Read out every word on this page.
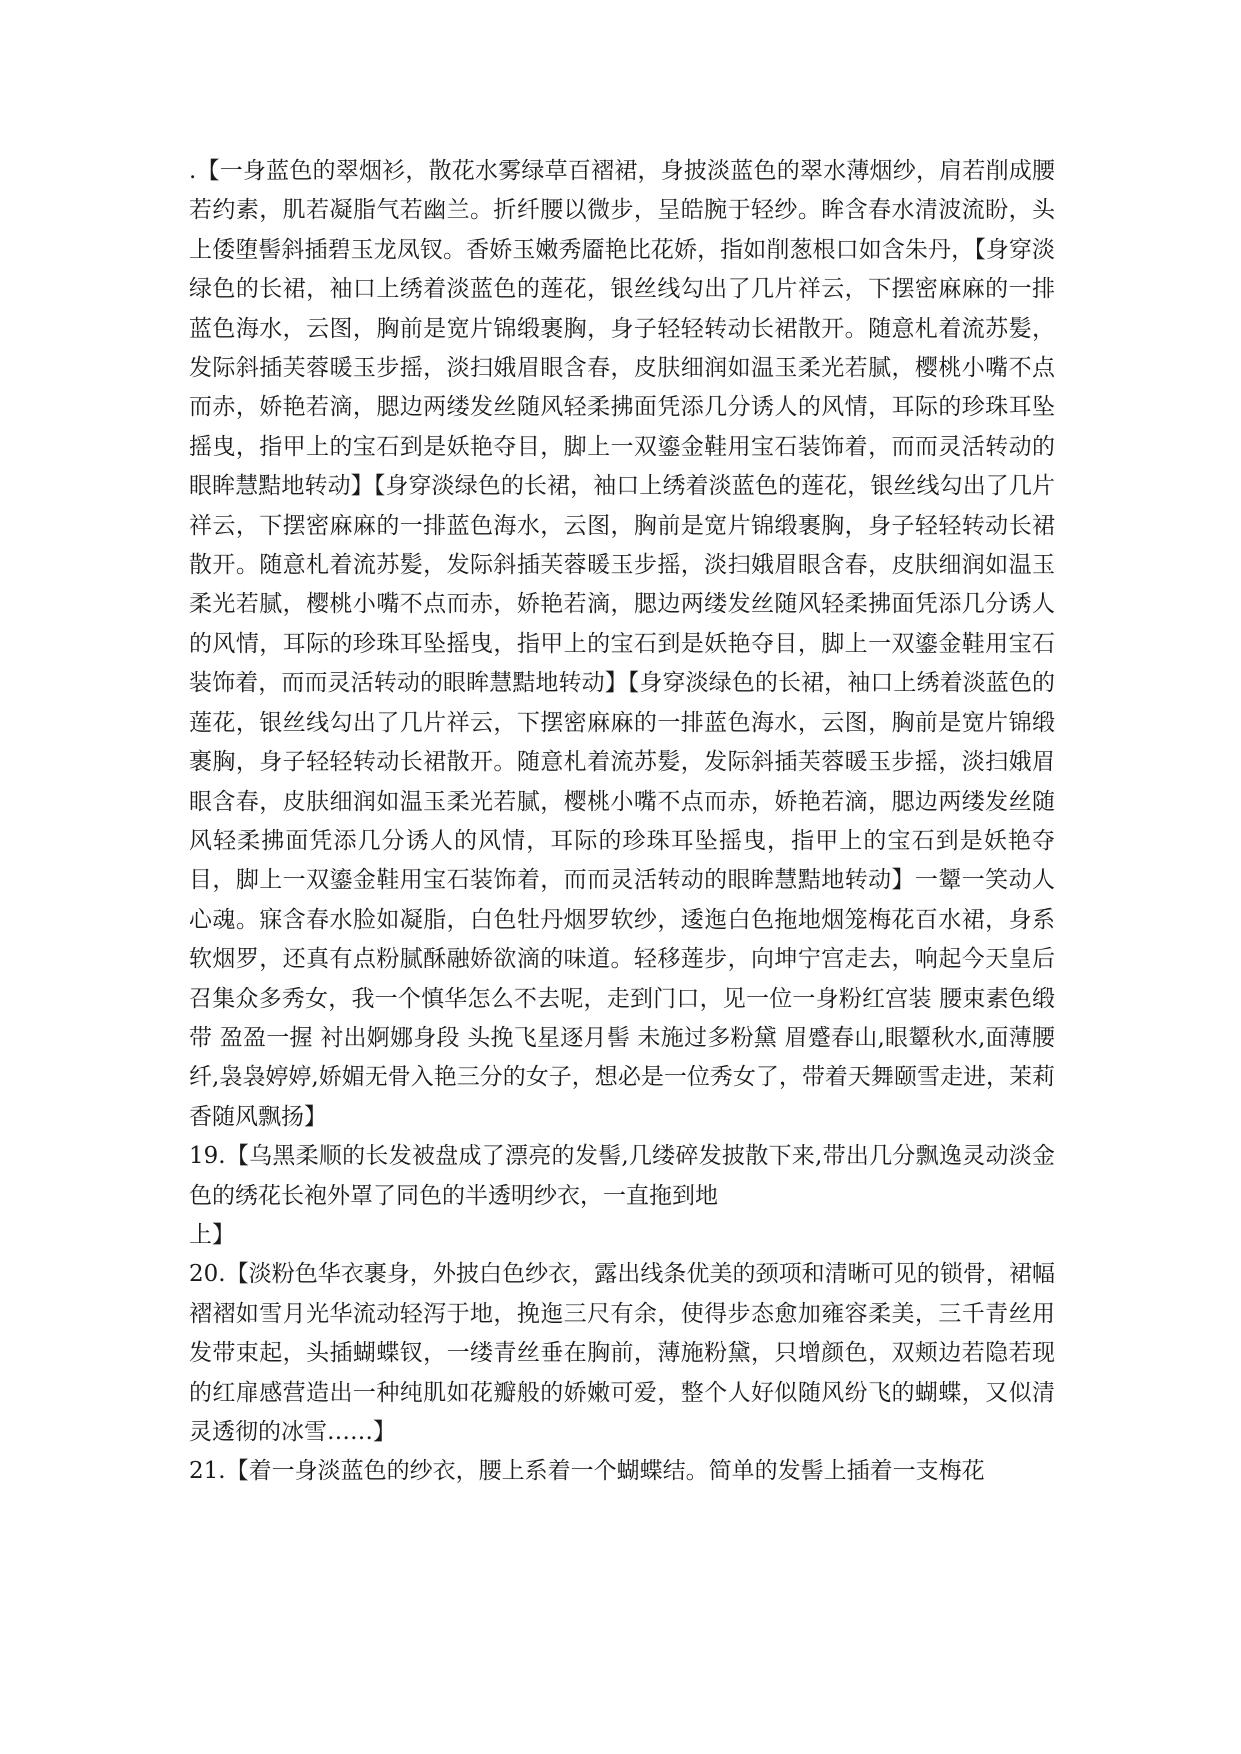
.【一身蓝色的翠烟衫，散花水雾绿草百褶裙，身披淡蓝色的翠水薄烟纱，肩若削成腰若约素，肌若凝脂气若幽兰。折纤腰以微步，呈皓腕于轻纱。眸含春水清波流盼，头上倭堕髻斜插碧玉龙凤钗。香娇玉嫩秀靥艳比花娇，指如削葱根口如含朱丹，【身穿淡绿色的长裙，袖口上绣着淡蓝色的莲花，银丝线勾出了几片祥云，下摆密麻麻的一排蓝色海水，云图，胸前是宽片锦缎裹胸，身子轻轻转动长裙散开。随意札着流苏髪，发际斜插芙蓉暖玉步摇，淡扫娥眉眼含春，皮肤细润如温玉柔光若腻，樱桃小嘴不点而赤，娇艳若滴，腮边两缕发丝随风轻柔拂面凭添几分诱人的风情，耳际的珍珠耳坠摇曳，指甲上的宝石到是妖艳夺目，脚上一双鎏金鞋用宝石装饰着，而而灵活转动的眼眸慧黠地转动】【身穿淡绿色的长裙，袖口上绣着淡蓝色的莲花，银丝线勾出了几片祥云，下摆密麻麻的一排蓝色海水，云图，胸前是宽片锦缎裹胸，身子轻轻转动长裙散开。随意札着流苏髪，发际斜插芙蓉暖玉步摇，淡扫娥眉眼含春，皮肤细润如温玉柔光若腻，樱桃小嘴不点而赤，娇艳若滴，腮边两缕发丝随风轻柔拂面凭添几分诱人的风情，耳际的珍珠耳坠摇曳，指甲上的宝石到是妖艳夺目，脚上一双鎏金鞋用宝石装饰着，而而灵活转动的眼眸慧黠地转动】【身穿淡绿色的长裙，袖口上绣着淡蓝色的莲花，银丝线勾出了几片祥云，下摆密麻麻的一排蓝色海水，云图，胸前是宽片锦缎裹胸，身子轻轻转动长裙散开。随意札着流苏髪，发际斜插芙蓉暖玉步摇，淡扫娥眉眼含春，皮肤细润如温玉柔光若腻，樱桃小嘴不点而赤，娇艳若滴，腮边两缕发丝随风轻柔拂面凭添几分诱人的风情，耳际的珍珠耳坠摇曳，指甲上的宝石到是妖艳夺目，脚上一双鎏金鞋用宝石装饰着，而而灵活转动的眼眸慧黠地转动】一颦一笑动人心魂。寐含春水脸如凝脂，白色牡丹烟罗软纱，逶迤白色拖地烟笼梅花百水裙，身系软烟罗，还真有点粉腻酥融娇欲滴的味道。轻移莲步，向坤宁宫走去，响起今天皇后召集众多秀女，我一个慎华怎么不去呢，走到门口，见一位一身粉红宫装 腰束素色缎带 盈盈一握 衬出婀娜身段 头挽飞星逐月髻 未施过多粉黛 眉蹙春山,眼颦秋水,面薄腰纤,袅袅婷婷,娇媚无骨入艳三分的女子，想必是一位秀女了，带着天舞颐雪走进，茉莉香随风飘扬】

19.【乌黑柔顺的长发被盘成了漂亮的发髻,几缕碎发披散下来,带出几分飘逸灵动淡金色的绣花长袍外罩了同色的半透明纱衣，一直拖到地

上】

20.【淡粉色华衣裹身，外披白色纱衣，露出线条优美的颈项和清晰可见的锁骨，裙幅褶褶如雪月光华流动轻泻于地，挽迤三尺有余，使得步态愈加雍容柔美，三千青丝用发带束起，头插蝴蝶钗，一缕青丝垂在胸前，薄施粉黛，只增颜色，双颊边若隐若现的红扉感营造出一种纯肌如花瓣般的娇嫩可爱，整个人好似随风纷飞的蝴蝶，又似清灵透彻的冰雪……】

21.【着一身淡蓝色的纱衣，腰上系着一个蝴蝶结。简单的发髻上插着一支梅花
